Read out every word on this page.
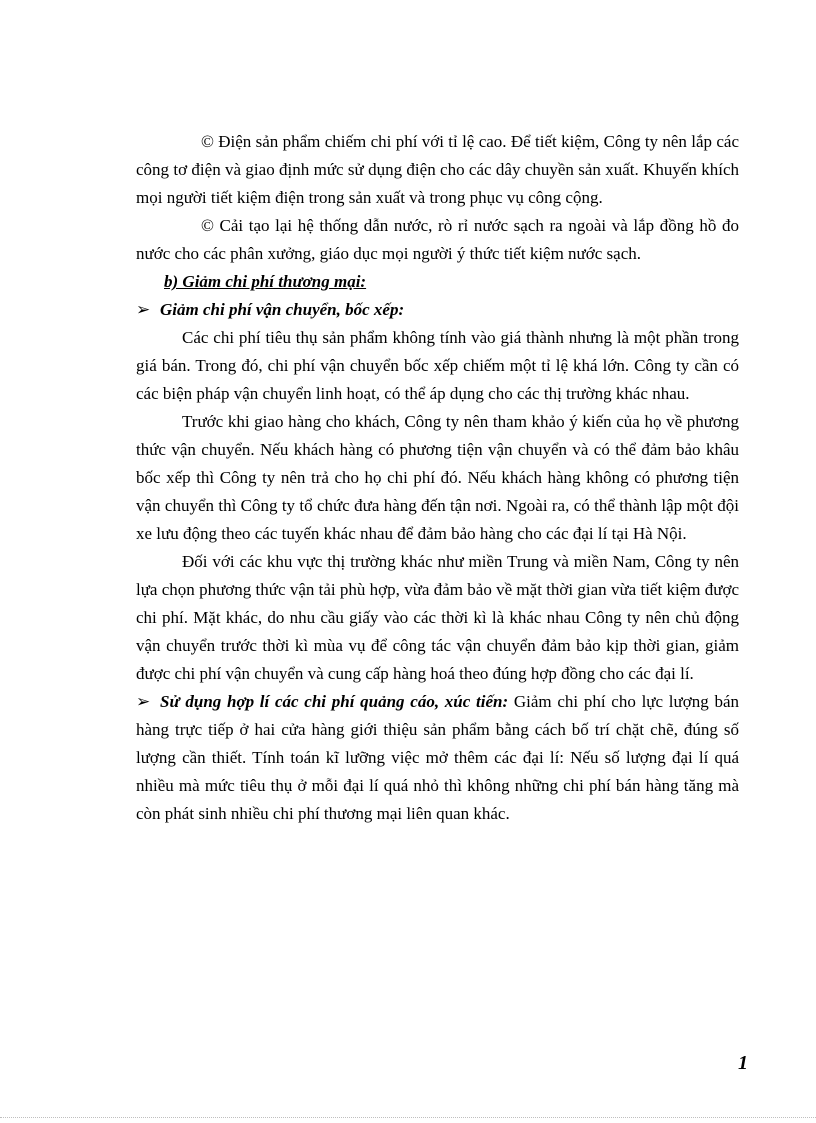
© Điện sản phẩm chiếm chi phí với tỉ lệ cao. Để tiết kiệm, Công ty nên lắp các công tơ điện và giao định mức sử dụng điện cho các dây chuyền sản xuất. Khuyến khích mọi người tiết kiệm điện trong sản xuất và trong phục vụ công cộng.

© Cải tạo lại hệ thống dẫn nước, rò rỉ nước sạch ra ngoài và lắp đồng hồ đo nước cho các phân xưởng, giáo dục mọi người ý thức tiết kiệm nước sạch.

b) Giảm chi phí thương mại:

➢ Giảm chi phí vận chuyển, bốc xếp:

Các chi phí tiêu thụ sản phẩm không tính vào giá thành nhưng là một phần trong giá bán. Trong đó, chi phí vận chuyển bốc xếp chiếm một tỉ lệ khá lớn. Công ty cần có các biện pháp vận chuyển linh hoạt, có thể áp dụng cho các thị trường khác nhau.

Trước khi giao hàng cho khách, Công ty nên tham khảo ý kiến của họ về phương thức vận chuyển. Nếu khách hàng có phương tiện vận chuyển và có thể đảm bảo khâu bốc xếp thì Công ty nên trả cho họ chi phí đó. Nếu khách hàng không có phương tiện vận chuyển thì Công ty tổ chức đưa hàng đến tận nơi. Ngoài ra, có thể thành lập một đội xe lưu động theo các tuyến khác nhau để đảm bảo hàng cho các đại lí tại Hà Nội.

Đối với các khu vực thị trường khác như miền Trung và miền Nam, Công ty nên lựa chọn phương thức vận tải phù hợp, vừa đảm bảo về mặt thời gian vừa tiết kiệm được chi phí. Mặt khác, do nhu cầu giấy vào các thời kì là khác nhau Công ty nên chủ động vận chuyển trước thời kì mùa vụ để công tác vận chuyển đảm bảo kịp thời gian, giảm được chi phí vận chuyển và cung cấp hàng hoá theo đúng hợp đồng cho các đại lí.

➢ Sử dụng hợp lí các chi phí quảng cáo, xúc tiến: Giảm chi phí cho lực lượng bán hàng trực tiếp ở hai cửa hàng giới thiệu sản phẩm bằng cách bố trí chặt chẽ, đúng số lượng cần thiết. Tính toán kĩ lưỡng việc mở thêm các đại lí: Nếu số lượng đại lí quá nhiều mà mức tiêu thụ ở mỗi đại lí quá nhỏ thì không những chi phí bán hàng tăng mà còn phát sinh nhiều chi phí thương mại liên quan khác.

1
